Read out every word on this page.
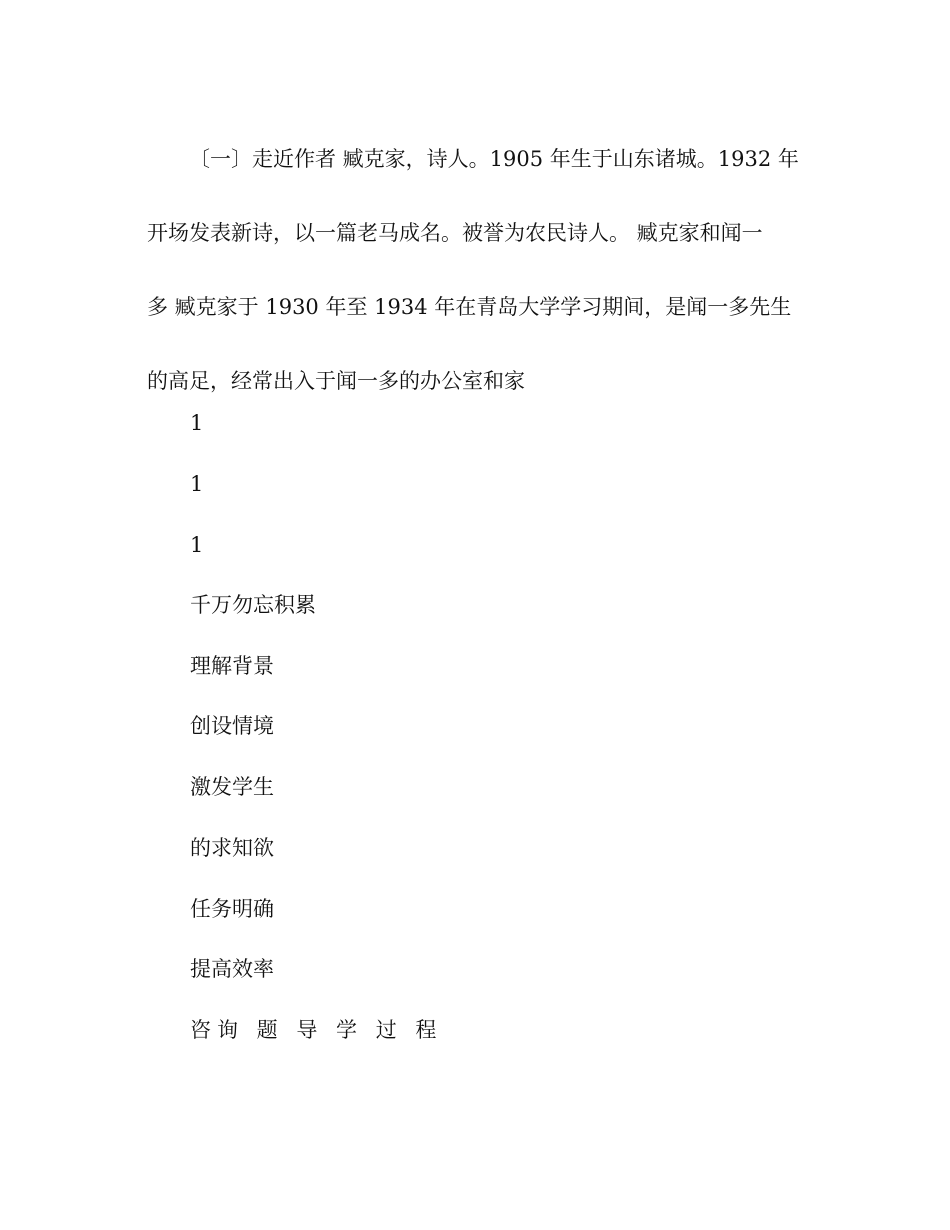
〔一〕走近作者 臧克家，诗人。1905 年生于山东诸城。1932 年
开场发表新诗，以一篇老马成名。被誉为农民诗人。 臧克家和闻一
多 臧克家于 1930 年至 1934 年在青岛大学学习期间，是闻一多先生
的高足，经常出入于闻一多的办公室和家
1
1
1
千万勿忘积累
理解背景
创设情境
激发学生
的求知欲
任务明确
提高效率
咨询 题 导 学 过 程
